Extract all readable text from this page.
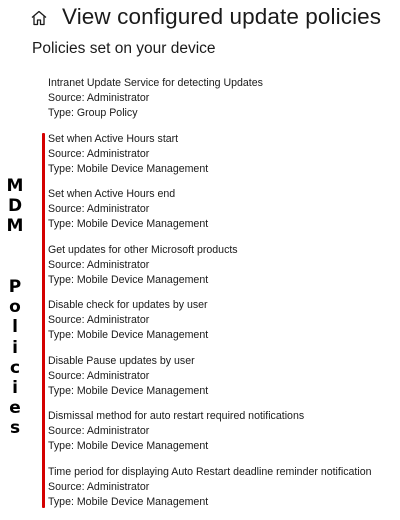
View configured update policies
Policies set on your device
Intranet Update Service for detecting Updates
Source: Administrator
Type: Group Policy
Set when Active Hours start
Source: Administrator
Type: Mobile Device Management
Set when Active Hours end
Source: Administrator
Type: Mobile Device Management
Get updates for other Microsoft products
Source: Administrator
Type: Mobile Device Management
Disable check for updates by user
Source: Administrator
Type: Mobile Device Management
Disable Pause updates by user
Source: Administrator
Type: Mobile Device Management
Dismissal method for auto restart required notifications
Source: Administrator
Type: Mobile Device Management
Time period for displaying Auto Restart deadline reminder notification
Source: Administrator
Type: Mobile Device Management
M
D
M
P
o
l
i
c
i
e
s
